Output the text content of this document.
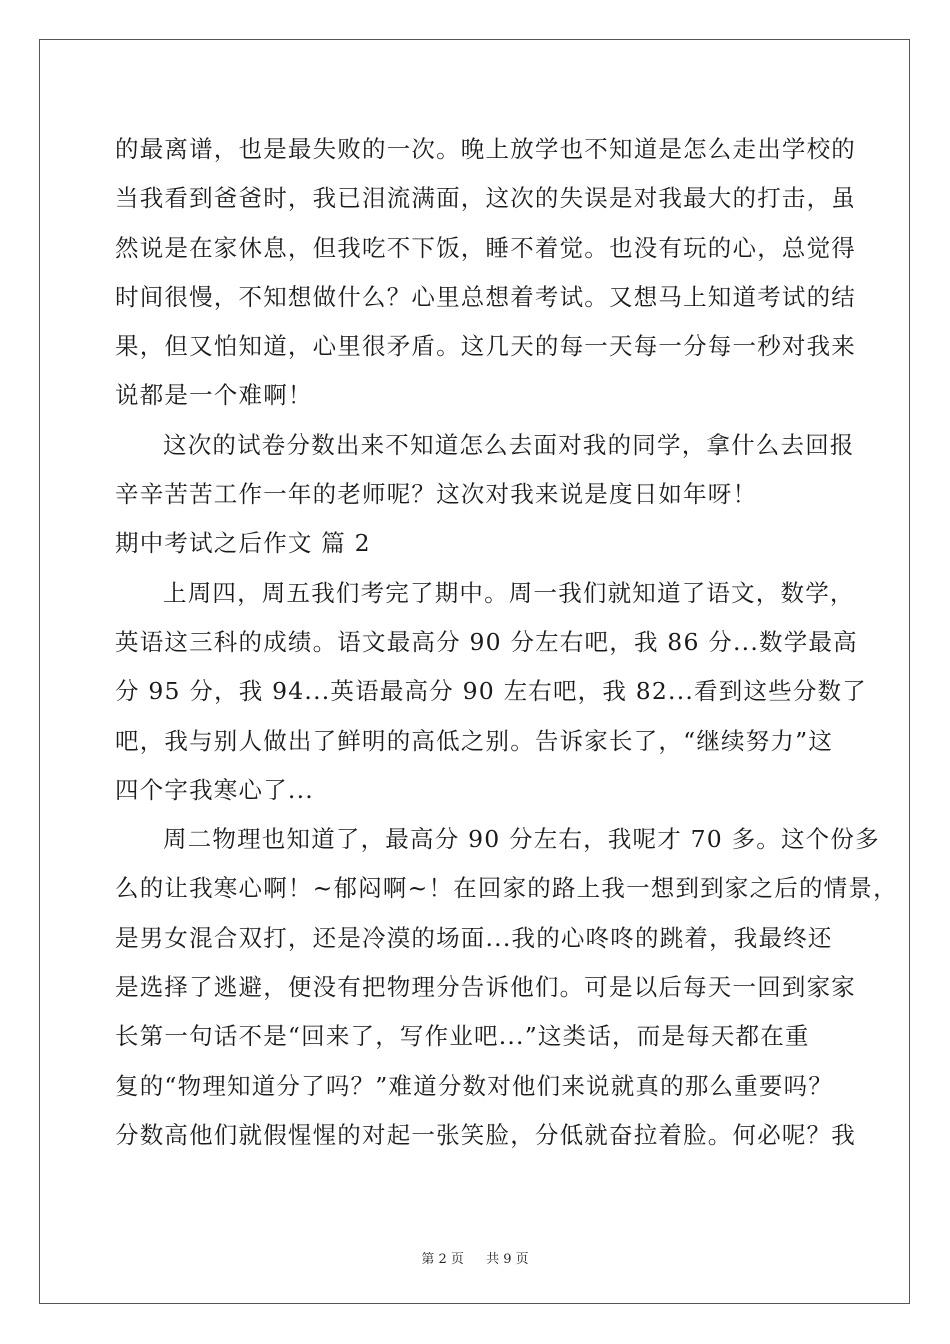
的最离谱，也是最失败的一次。晚上放学也不知道是怎么走出学校的
当我看到爸爸时，我已泪流满面，这次的失误是对我最大的打击，虽
然说是在家休息，但我吃不下饭，睡不着觉。也没有玩的心，总觉得
时间很慢，不知想做什么？心里总想着考试。又想马上知道考试的结
果，但又怕知道，心里很矛盾。这几天的每一天每一分每一秒对我来
说都是一个难啊！
这次的试卷分数出来不知道怎么去面对我的同学，拿什么去回报
辛辛苦苦工作一年的老师呢？这次对我来说是度日如年呀！
期中考试之后作文 篇 2
上周四，周五我们考完了期中。周一我们就知道了语文，数学，
英语这三科的成绩。语文最高分 90 分左右吧，我 86 分...数学最高
分 95 分，我 94...英语最高分 90 左右吧，我 82...看到这些分数了
吧，我与别人做出了鲜明的高低之别。告诉家长了，“继续努力”这
四个字我寒心了...
周二物理也知道了，最高分 90 分左右，我呢才 70 多。这个份多
么的让我寒心啊！~郁闷啊~！在回家的路上我一想到到家之后的情景，
是男女混合双打，还是冷漠的场面...我的心咚咚的跳着，我最终还
是选择了逃避，便没有把物理分告诉他们。可是以后每天一回到家家
长第一句话不是“回来了，写作业吧...”这类话，而是每天都在重
复的“物理知道分了吗？”难道分数对他们来说就真的那么重要吗？
分数高他们就假惺惺的对起一张笑脸，分低就奋拉着脸。何必呢？我
第 2 页 共 9 页
